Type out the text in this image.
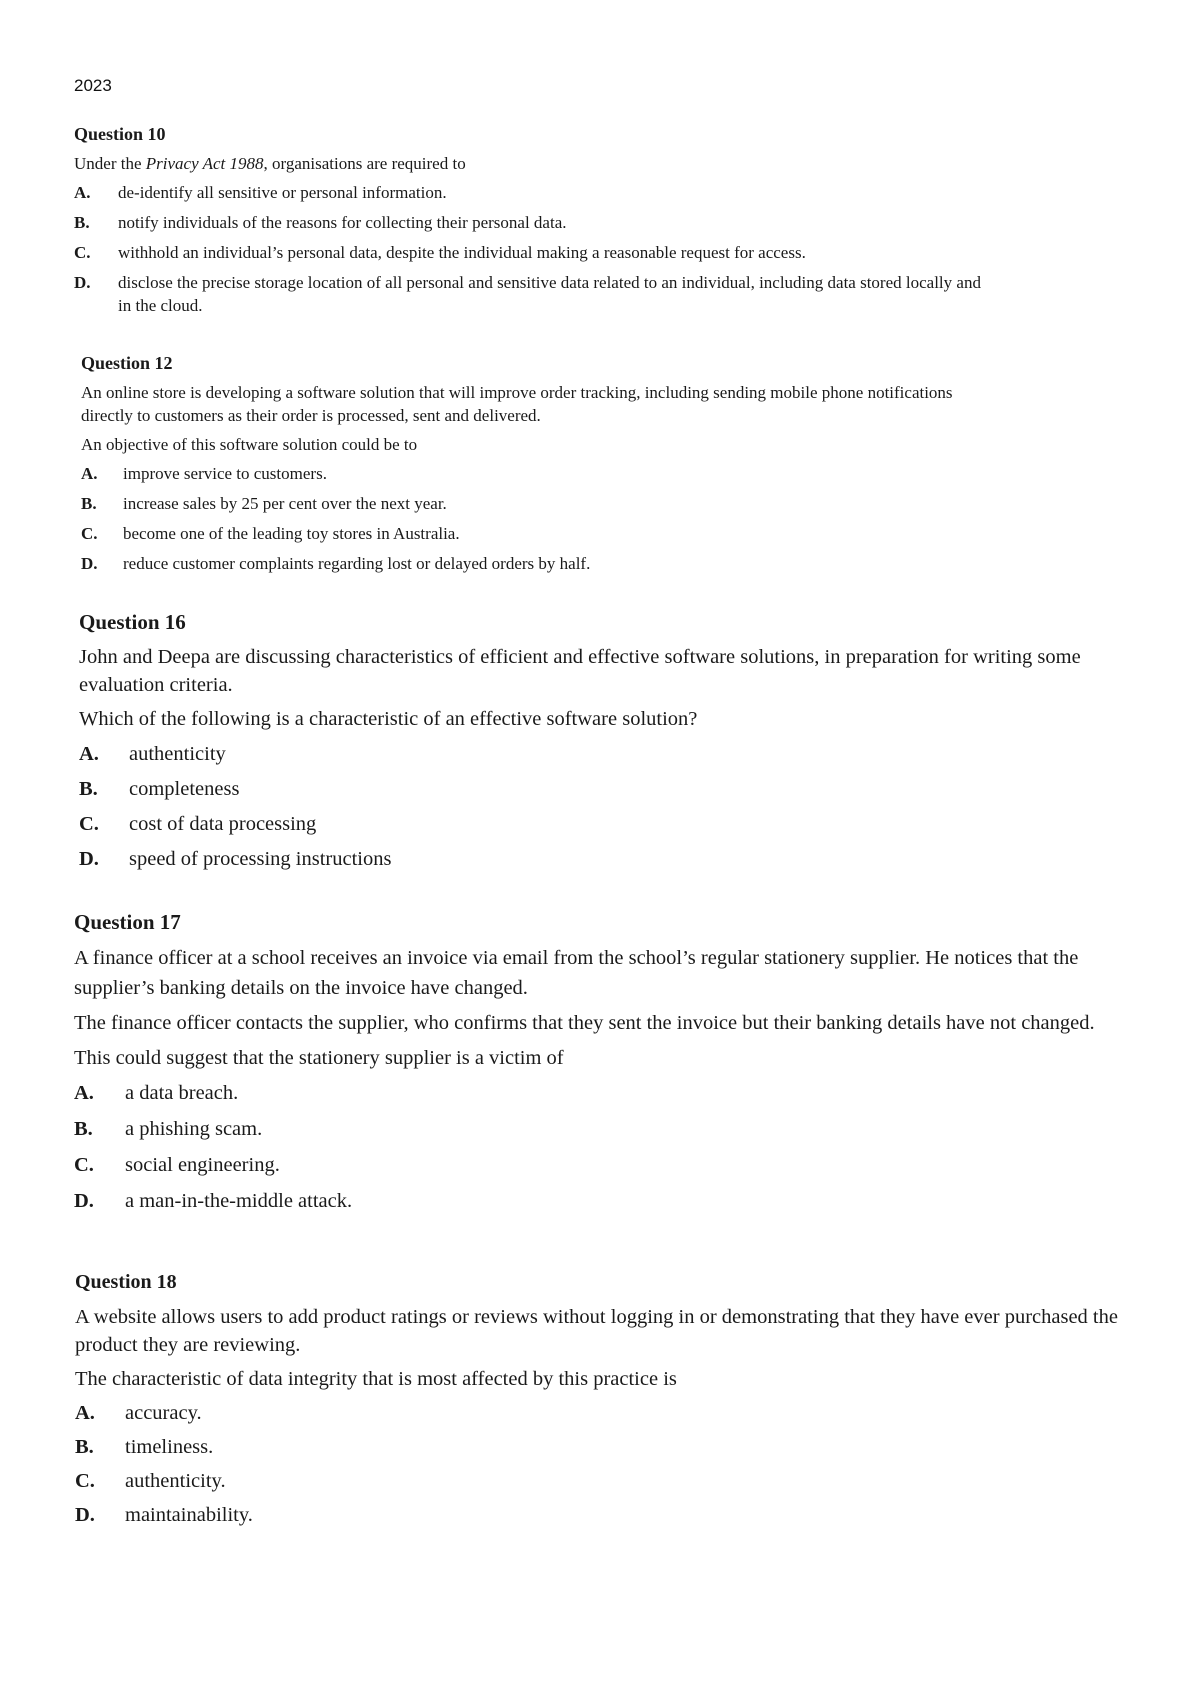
2023
Question 10

Under the Privacy Act 1988, organisations are required to

A.	de-identify all sensitive or personal information.
B.	notify individuals of the reasons for collecting their personal data.
C.	withhold an individual’s personal data, despite the individual making a reasonable request for access.
D.	disclose the precise storage location of all personal and sensitive data related to an individual, including data stored locally and in the cloud.
Question 12

An online store is developing a software solution that will improve order tracking, including sending mobile phone notifications directly to customers as their order is processed, sent and delivered.

An objective of this software solution could be to

A.	improve service to customers.
B.	increase sales by 25 per cent over the next year.
C.	become one of the leading toy stores in Australia.
D.	reduce customer complaints regarding lost or delayed orders by half.
Question 16

John and Deepa are discussing characteristics of efficient and effective software solutions, in preparation for writing some evaluation criteria.

Which of the following is a characteristic of an effective software solution?

A.	authenticity
B.	completeness
C.	cost of data processing
D.	speed of processing instructions
Question 17

A finance officer at a school receives an invoice via email from the school’s regular stationery supplier. He notices that the supplier’s banking details on the invoice have changed.

The finance officer contacts the supplier, who confirms that they sent the invoice but their banking details have not changed.

This could suggest that the stationery supplier is a victim of

A.	a data breach.
B.	a phishing scam.
C.	social engineering.
D.	a man-in-the-middle attack.
Question 18

A website allows users to add product ratings or reviews without logging in or demonstrating that they have ever purchased the product they are reviewing.

The characteristic of data integrity that is most affected by this practice is

A.	accuracy.
B.	timeliness.
C.	authenticity.
D.	maintainability.
